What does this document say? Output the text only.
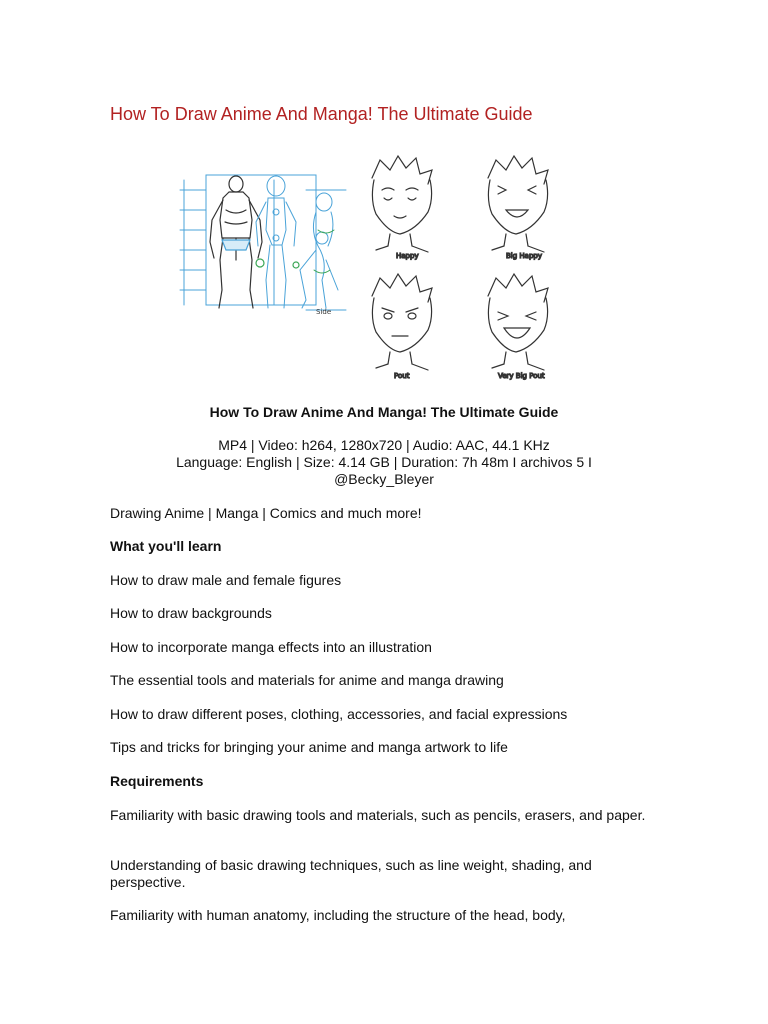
How To Draw Anime And Manga! The Ultimate Guide
Side
Happy	Big Happy
Pout	Very Big Pout
How To Draw Anime And Manga! The Ultimate Guide
MP4 | Video: h264, 1280x720 | Audio: AAC, 44.1 KHz
Language: English | Size: 4.14 GB | Duration: 7h 48m I archivos 5 I
@Becky_Bleyer

Drawing Anime | Manga | Comics and much more!

What you'll learn

How to draw male and female figures

How to draw backgrounds

How to incorporate manga effects into an illustration

The essential tools and materials for anime and manga drawing

How to draw different poses, clothing, accessories, and facial expressions

Tips and tricks for bringing your anime and manga artwork to life

Requirements

Familiarity with basic drawing tools and materials, such as pencils, erasers, and paper.

Understanding of basic drawing techniques, such as line weight, shading, and perspective.

Familiarity with human anatomy, including the structure of the head, body,
